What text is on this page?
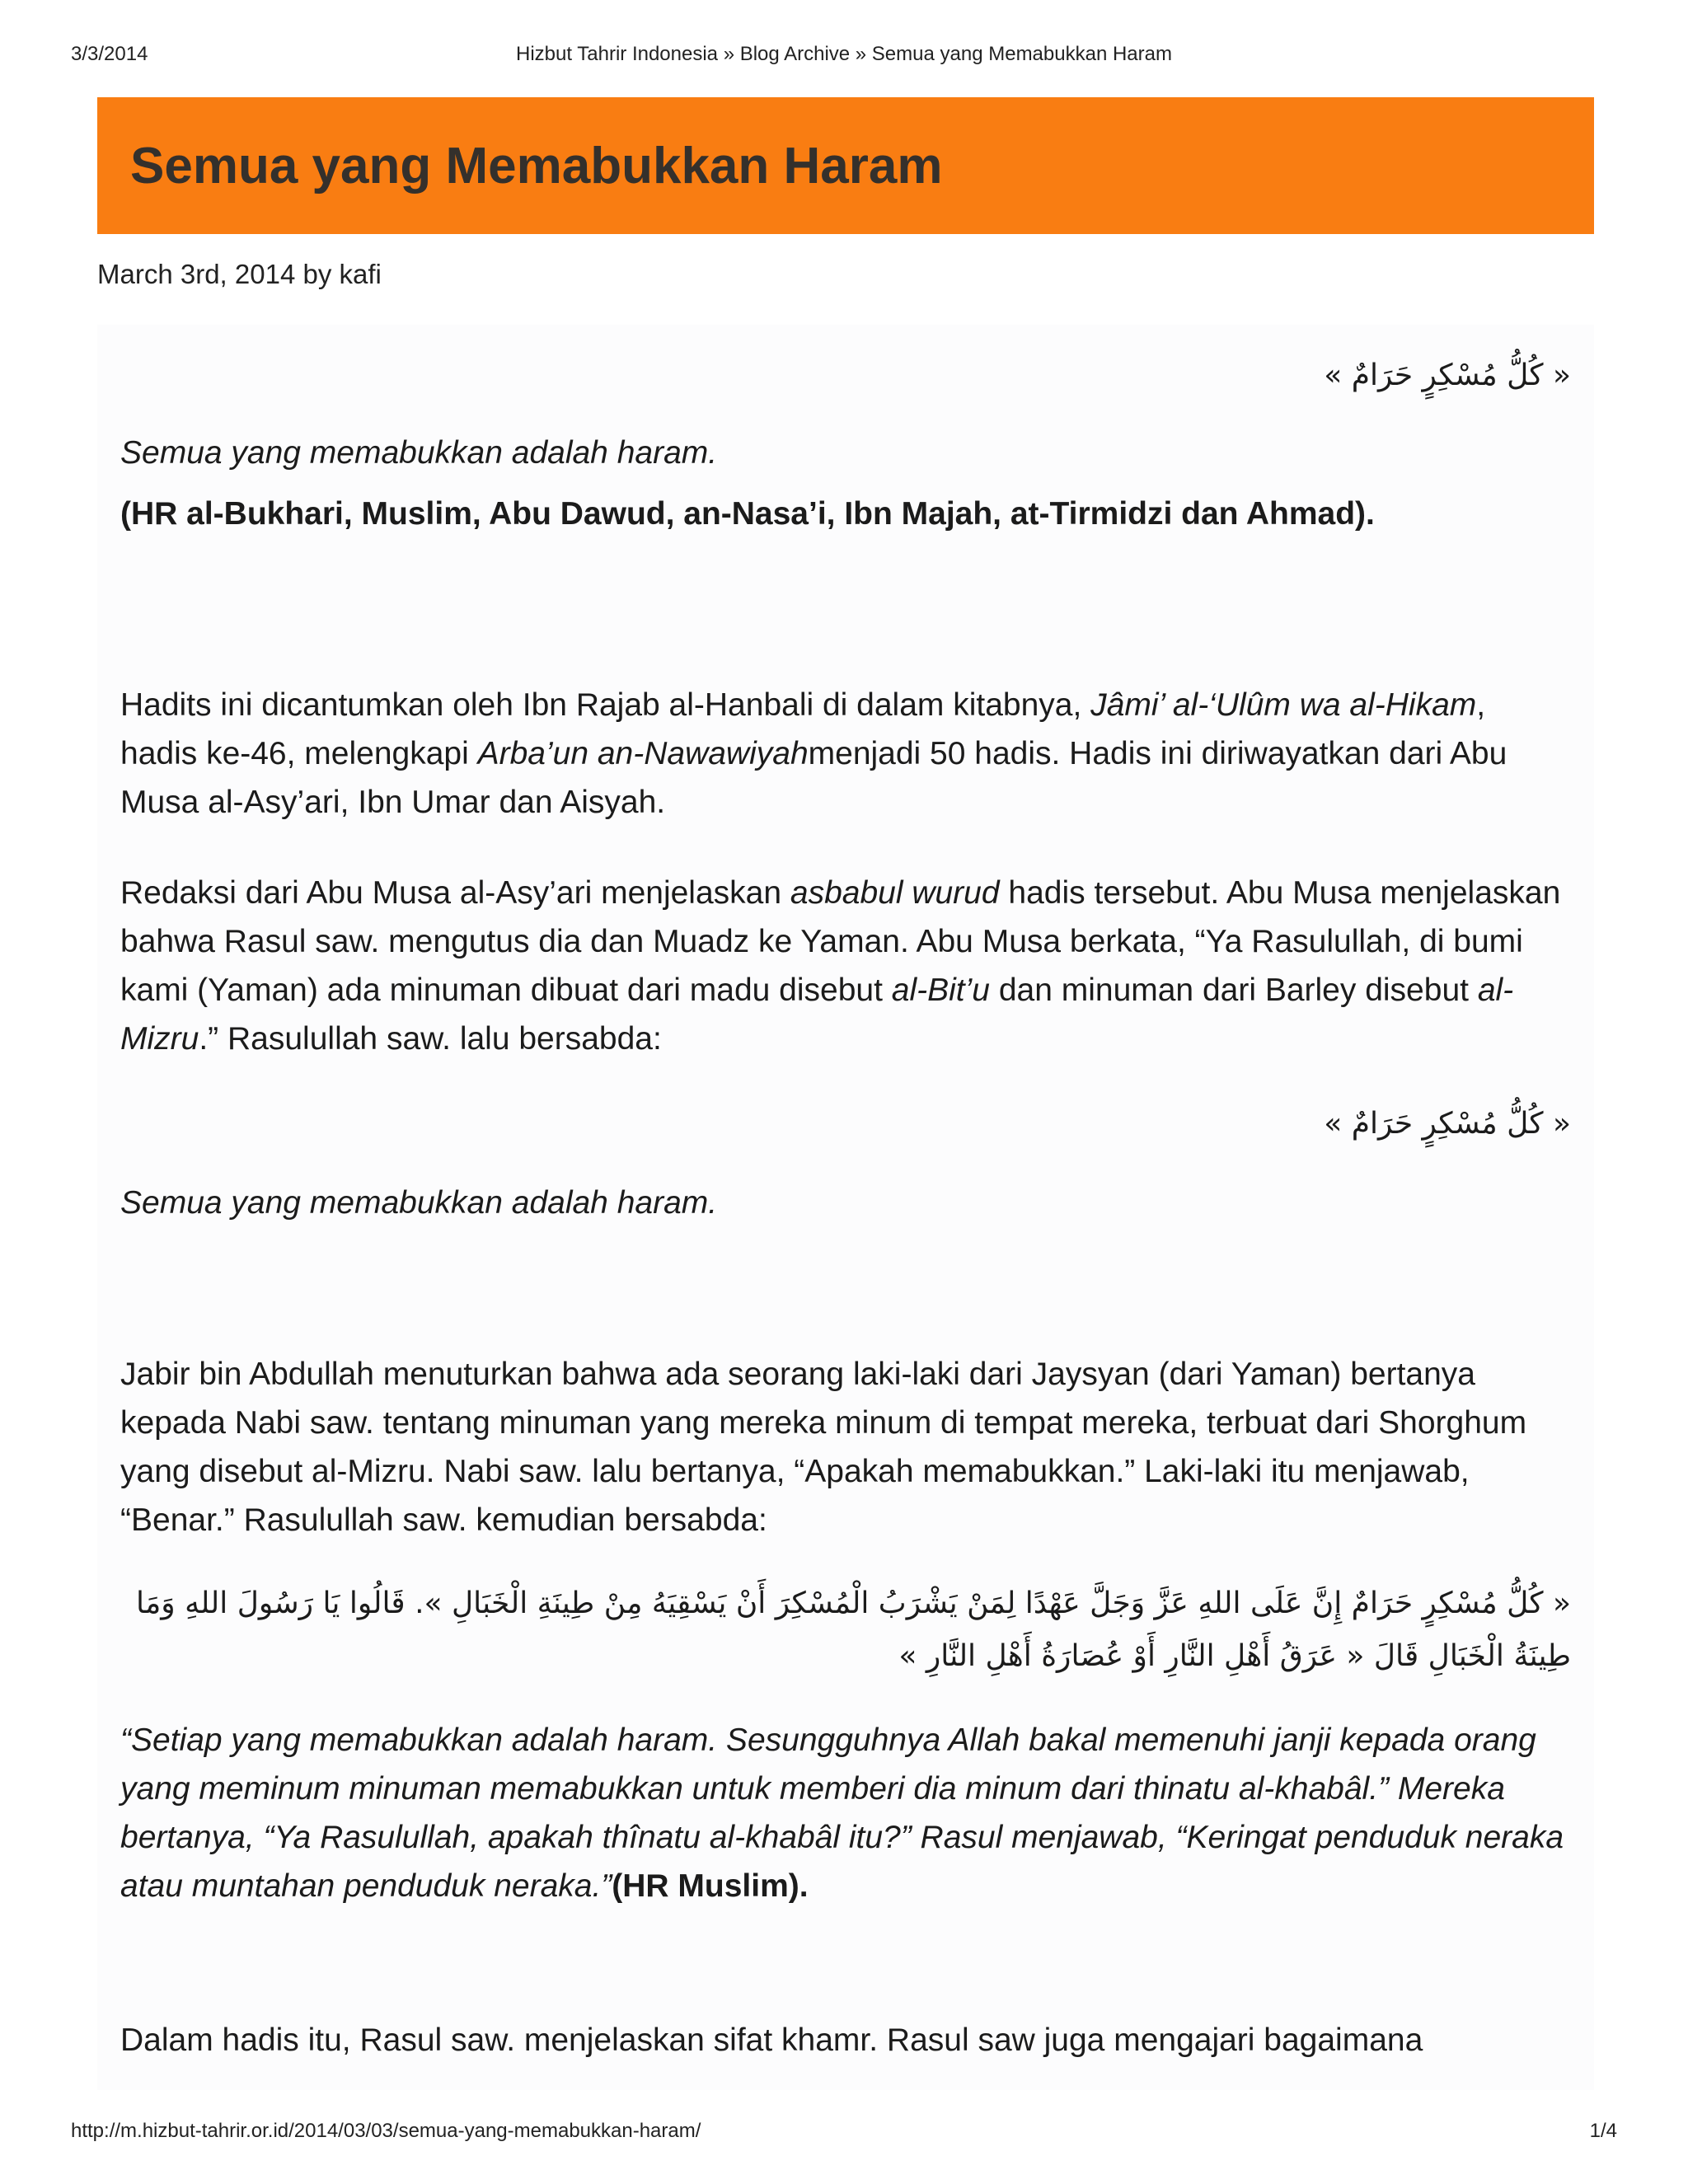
3/3/2014	Hizbut Tahrir Indonesia » Blog Archive » Semua yang Memabukkan Haram
Semua yang Memabukkan Haram
March 3rd, 2014 by kafi

« كُلُّ مُسْكِرٍ حَرَامٌ »

Semua yang memabukkan adalah haram.

(HR al-Bukhari, Muslim, Abu Dawud, an-Nasa’i, Ibn Majah, at-Tirmidzi dan Ahmad).

Hadits ini dicantumkan oleh Ibn Rajab al-Hanbali di dalam kitabnya, Jâmi’ al-‘Ulûm wa al-Hikam, hadis ke-46, melengkapi Arba’un an-Nawawiyahmenjadi 50 hadis. Hadis ini diriwayatkan dari Abu Musa al-Asy’ari, Ibn Umar dan Aisyah.

Redaksi dari Abu Musa al-Asy’ari menjelaskan asbabul wurud hadis tersebut. Abu Musa menjelaskan bahwa Rasul saw. mengutus dia dan Muadz ke Yaman. Abu Musa berkata, “Ya Rasulullah, di bumi kami (Yaman) ada minuman dibuat dari madu disebut al-Bit’u dan minuman dari Barley disebut al-Mizru.” Rasulullah saw. lalu bersabda:

« كُلُّ مُسْكِرٍ حَرَامٌ »

Semua yang memabukkan adalah haram.

Jabir bin Abdullah menuturkan bahwa ada seorang laki-laki dari Jaysyan (dari Yaman) bertanya kepada Nabi saw. tentang minuman yang mereka minum di tempat mereka, terbuat dari Shorghum yang disebut al-Mizru. Nabi saw. lalu bertanya, “Apakah memabukkan.” Laki-laki itu menjawab, “Benar.” Rasulullah saw. kemudian bersabda:

« كُلُّ مُسْكِرٍ حَرَامٌ إِنَّ عَلَى اللهِ عَزَّ وَجَلَّ عَهْدًا لِمَنْ يَشْرَبُ الْمُسْكِرَ أَنْ يَسْقِيَهُ مِنْ طِينَةِ الْخَبَالِ ». قَالُوا يَا رَسُولَ اللهِ وَمَا طِينَةُ الْخَبَالِ قَالَ « عَرَقُ أَهْلِ النَّارِ أَوْ عُصَارَةُ أَهْلِ النَّارِ »

“Setiap yang memabukkan adalah haram. Sesungguhnya Allah bakal memenuhi janji kepada orang yang meminum minuman memabukkan untuk memberi dia minum dari thinatu al-khabâl.” Mereka bertanya, “Ya Rasulullah, apakah thînatu al-khabâl itu?” Rasul menjawab, “Keringat penduduk neraka atau muntahan penduduk neraka.”(HR Muslim).

Dalam hadis itu, Rasul saw. menjelaskan sifat khamr. Rasul saw juga mengajari bagaimana

http://m.hizbut-tahrir.or.id/2014/03/03/semua-yang-memabukkan-haram/	1/4
